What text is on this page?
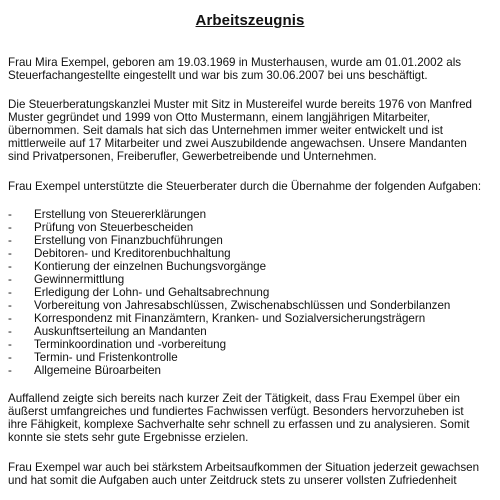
Arbeitszeugnis
Frau Mira Exempel, geboren am 19.03.1969 in Musterhausen, wurde am 01.01.2002 als
Steuerfachangestellte eingestellt und war bis zum 30.06.2007 bei uns beschäftigt.
Die Steuerberatungskanzlei Muster mit Sitz in Mustereifel wurde bereits 1976 von Manfred
Muster gegründet und 1999 von Otto Mustermann, einem langjährigen Mitarbeiter,
übernommen. Seit damals hat sich das Unternehmen immer weiter entwickelt und ist
mittlerweile auf 17 Mitarbeiter und zwei Auszubildende angewachsen. Unsere Mandanten
sind Privatpersonen, Freiberufler, Gewerbetreibende und Unternehmen.
Frau Exempel unterstützte die Steuerberater durch die Übernahme der folgenden Aufgaben:
- Erstellung von Steuererklärungen
- Prüfung von Steuerbescheiden
- Erstellung von Finanzbuchführungen
- Debitoren- und Kreditorenbuchhaltung
- Kontierung der einzelnen Buchungsvorgänge
- Gewinnermittlung
- Erledigung der Lohn- und Gehaltsabrechnung
- Vorbereitung von Jahresabschlüssen, Zwischenabschlüssen und Sonderbilanzen
- Korrespondenz mit Finanzämtern, Kranken- und Sozialversicherungsträgern
- Auskunftserteilung an Mandanten
- Terminkoordination und -vorbereitung
- Termin- und Fristenkontrolle
- Allgemeine Büroarbeiten
Auffallend zeigte sich bereits nach kurzer Zeit der Tätigkeit, dass Frau Exempel über ein
äußerst umfangreiches und fundiertes Fachwissen verfügt. Besonders hervorzuheben ist
ihre Fähigkeit, komplexe Sachverhalte sehr schnell zu erfassen und zu analysieren. Somit
konnte sie stets sehr gute Ergebnisse erzielen.
Frau Exempel war auch bei stärkstem Arbeitsaufkommen der Situation jederzeit gewachsen
und hat somit die Aufgaben auch unter Zeitdruck stets zu unserer vollsten Zufriedenheit
